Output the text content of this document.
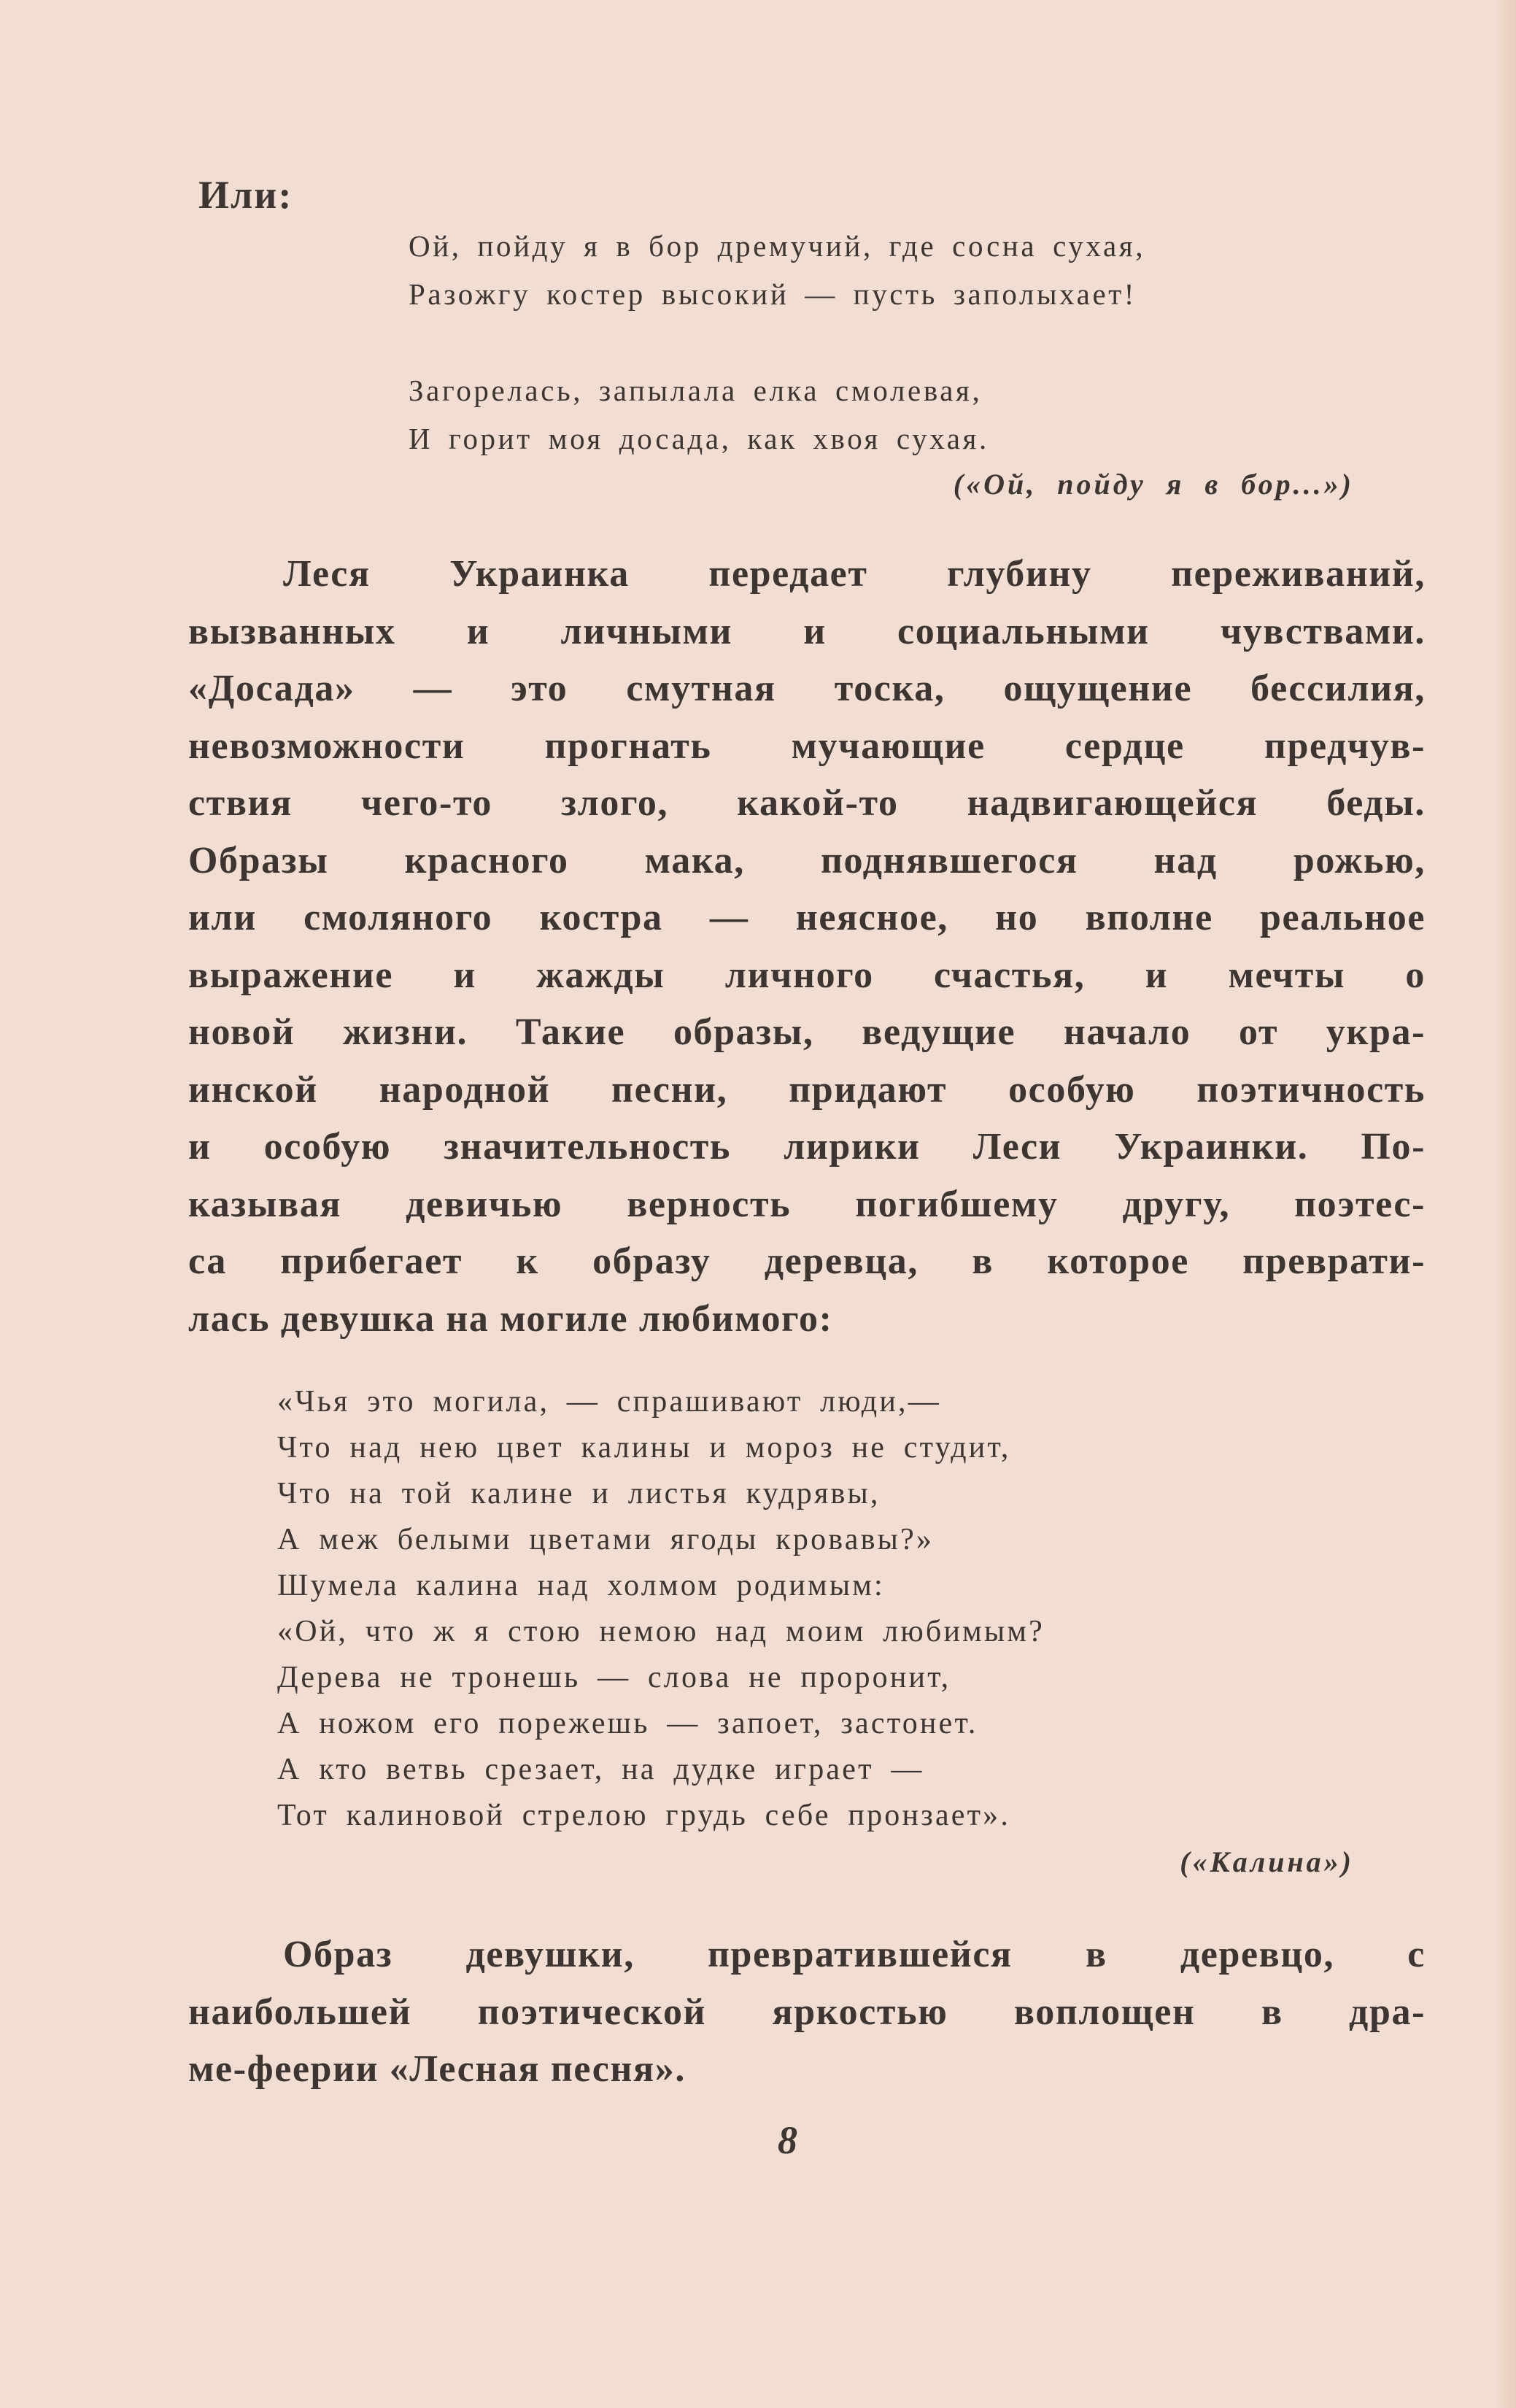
Или:

Ой, пойду я в бор дремучий, где сосна сухая,
Разожгу костер высокий — пусть заполыхает!
Загорелась, запылала елка смолевая,
И горит моя досада, как хвоя сухая.

(«Ой, пойду я в бор...»)

Леся Украинка передает глубину переживаний,
вызванных и личными и социальными чувствами.
«Досада» — это смутная тоска, ощущение бессилия,
невозможности прогнать мучающие сердце предчув-
ствия чего-то злого, какой-то надвигающейся беды.
Образы красного мака, поднявшегося над рожью,
или смоляного костра — неясное, но вполне реальное
выражение и жажды личного счастья, и мечты о
новой жизни. Такие образы, ведущие начало от укра-
инской народной песни, придают особую поэтичность
и особую значительность лирики Леси Украинки. По-
казывая девичью верность погибшему другу, поэтес-
са прибегает к образу деревца, в которое преврати-
лась девушка на могиле любимого:
«Чья это могила, — спрашивают люди,—
Что над нею цвет калины и мороз не студит,
Что на той калине и листья кудрявы,
А меж белыми цветами ягоды кровавы?»
Шумела калина над холмом родимым:
«Ой, что ж я стою немою над моим любимым?
Дерева не тронешь — слова не проронит,
А ножом его порежешь — запоет, застонет.
А кто ветвь срезает, на дудке играет —
Тот калиновой стрелою грудь себе пронзает».

(«Калина»)

Образ девушки, превратившейся в деревцо, с
наибольшей поэтической яркостью воплощен в дра-
ме-феерии «Лесная песня».
8
